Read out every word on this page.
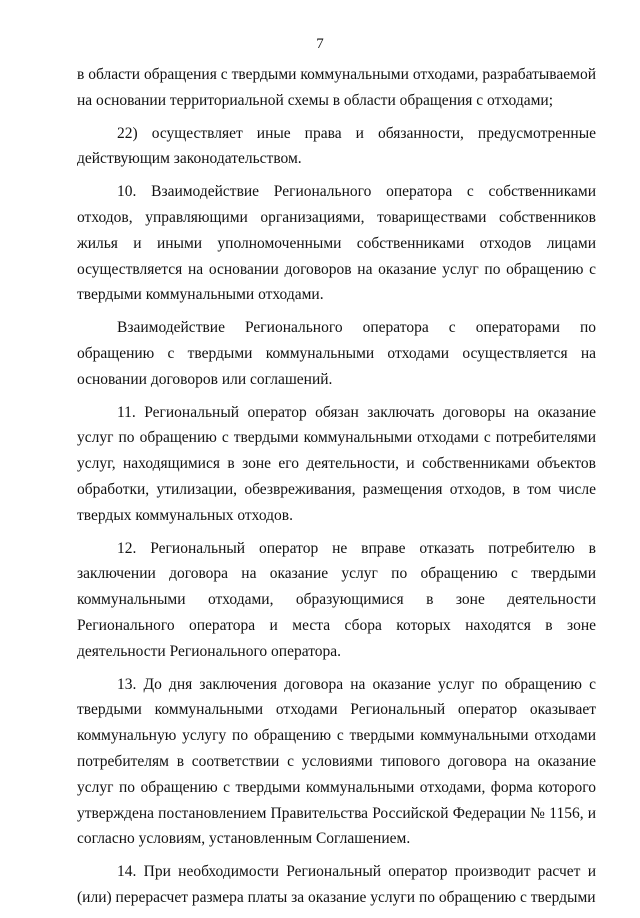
7

в области обращения с твердыми коммунальными отходами, разрабатываемой на основании территориальной схемы в области обращения с отходами;

22) осуществляет иные права и обязанности, предусмотренные действующим законодательством.

10. Взаимодействие Регионального оператора с собственниками отходов, управляющими организациями, товариществами собственников жилья и иными уполномоченными собственниками отходов лицами осуществляется на основании договоров на оказание услуг по обращению с твердыми коммунальными отходами.

Взаимодействие Регионального оператора с операторами по обращению с твердыми коммунальными отходами осуществляется на основании договоров или соглашений.

11. Региональный оператор обязан заключать договоры на оказание услуг по обращению с твердыми коммунальными отходами с потребителями услуг, находящимися в зоне его деятельности, и собственниками объектов обработки, утилизации, обезвреживания, размещения отходов, в том числе твердых коммунальных отходов.

12. Региональный оператор не вправе отказать потребителю в заключении договора на оказание услуг по обращению с твердыми коммунальными отходами, образующимися в зоне деятельности Регионального оператора и места сбора которых находятся в зоне деятельности Регионального оператора.

13. До дня заключения договора на оказание услуг по обращению с твердыми коммунальными отходами Региональный оператор оказывает коммунальную услугу по обращению с твердыми коммунальными отходами потребителям в соответствии с условиями типового договора на оказание услуг по обращению с твердыми коммунальными отходами, форма которого утверждена постановлением Правительства Российской Федерации № 1156, и согласно условиям, установленным Соглашением.

14. При необходимости Региональный оператор производит расчет и (или) перерасчет размера платы за оказание услуги по обращению с твердыми
